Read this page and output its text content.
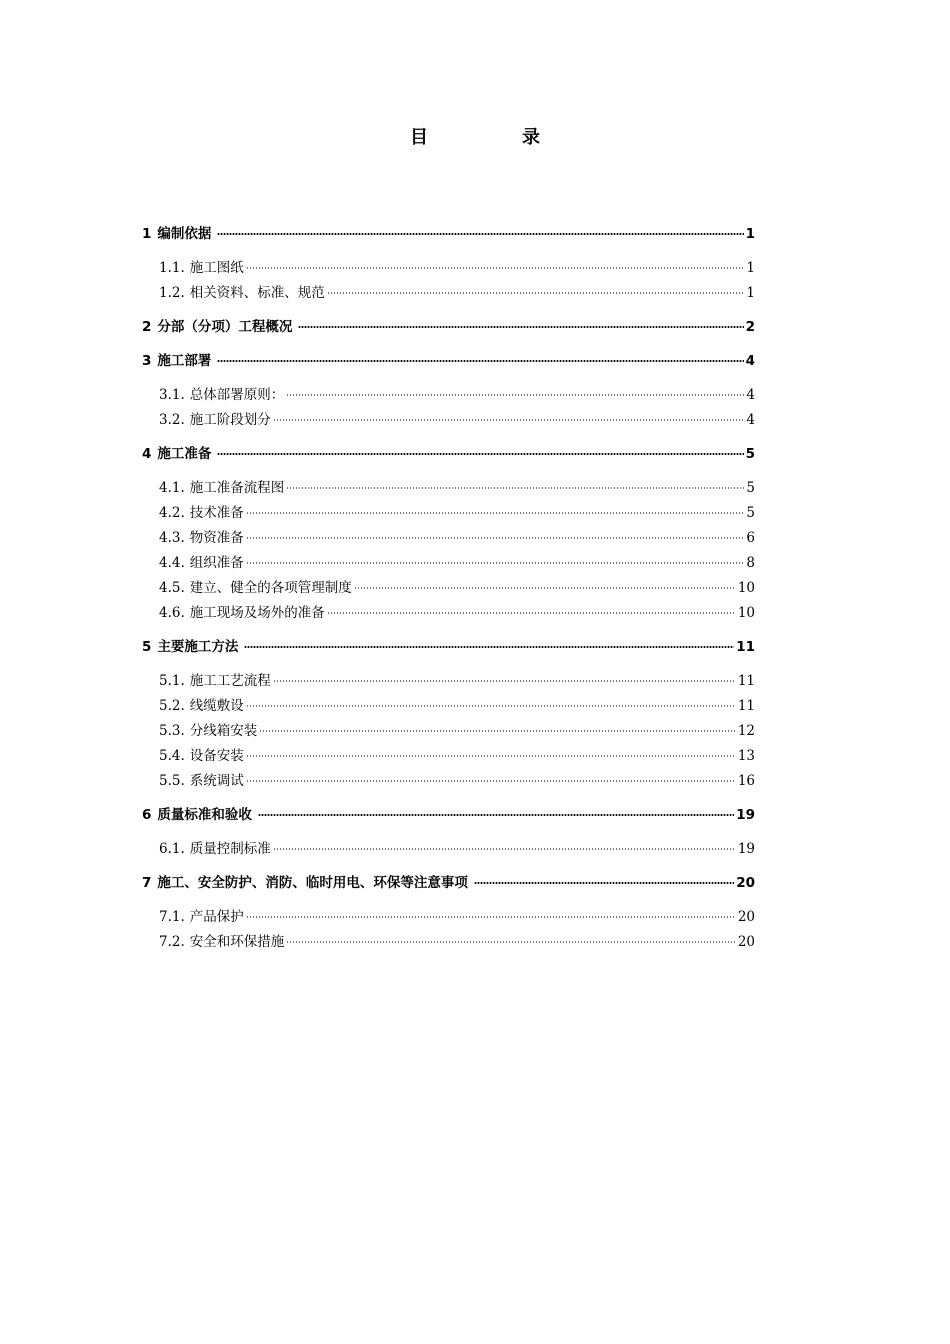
目　录
1 编制依据	1
1.1. 施工图纸	1
1.2. 相关资料、标准、规范	1
2 分部（分项）工程概况	2
3 施工部署	4
3.1. 总体部署原则：	4
3.2. 施工阶段划分	4
4 施工准备	5
4.1. 施工准备流程图	5
4.2. 技术准备	5
4.3. 物资准备	6
4.4. 组织准备	8
4.5. 建立、健全的各项管理制度	10
4.6. 施工现场及场外的准备	10
5 主要施工方法	11
5.1. 施工工艺流程	11
5.2. 线缆敷设	11
5.3. 分线箱安装	12
5.4. 设备安装	13
5.5. 系统调试	16
6 质量标准和验收	19
6.1. 质量控制标准	19
7 施工、安全防护、消防、临时用电、环保等注意事项	20
7.1. 产品保护	20
7.2. 安全和环保措施	20
